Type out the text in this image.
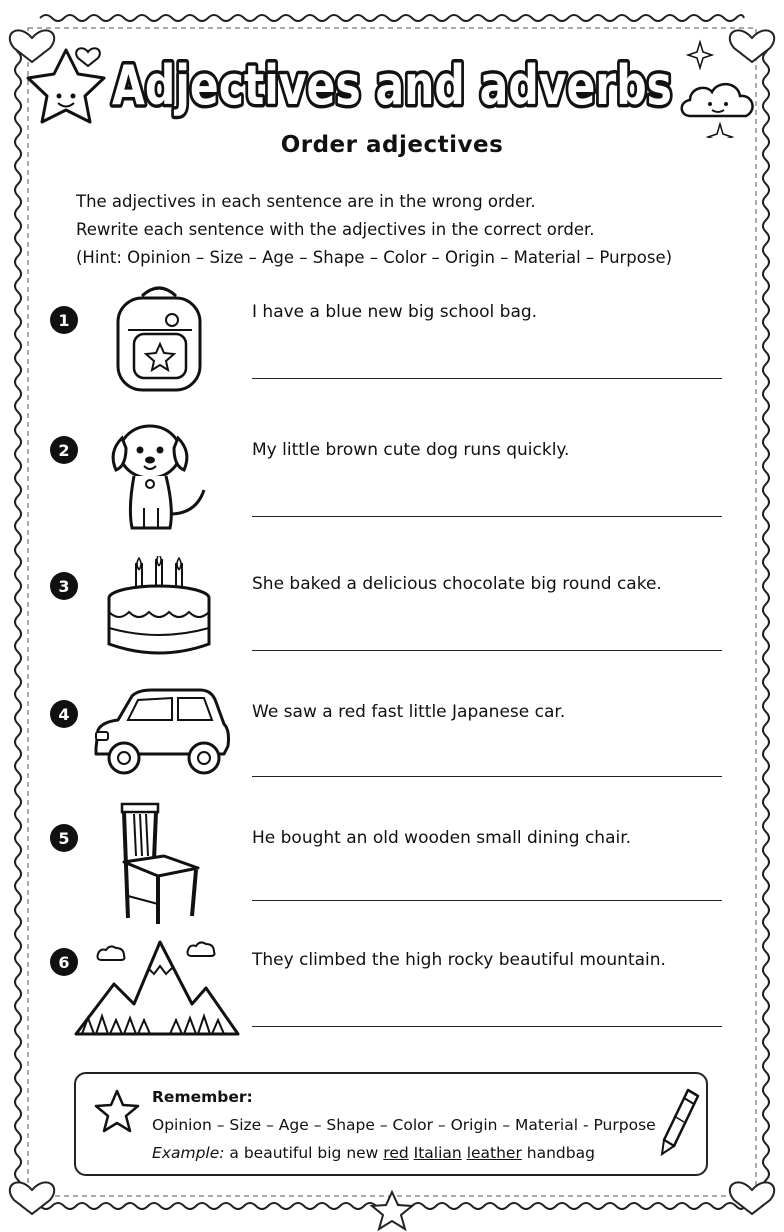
Adjectives and adverbs
Order adjectives
The adjectives in each sentence are in the wrong order.
Rewrite each sentence with the adjectives in the correct order.
(Hint: Opinion – Size – Age – Shape – Color – Origin – Material – Purpose)
1	I have a blue new big school bag.
2	My little brown cute dog runs quickly.
3	She baked a delicious chocolate big round cake.
4	We saw a red fast little Japanese car.
5	He bought an old wooden small dining chair.
6	They climbed the high rocky beautiful mountain.
Remember:
Opinion – Size – Age – Shape – Color – Origin – Material - Purpose
Example: a beautiful big new red Italian leather handbag
